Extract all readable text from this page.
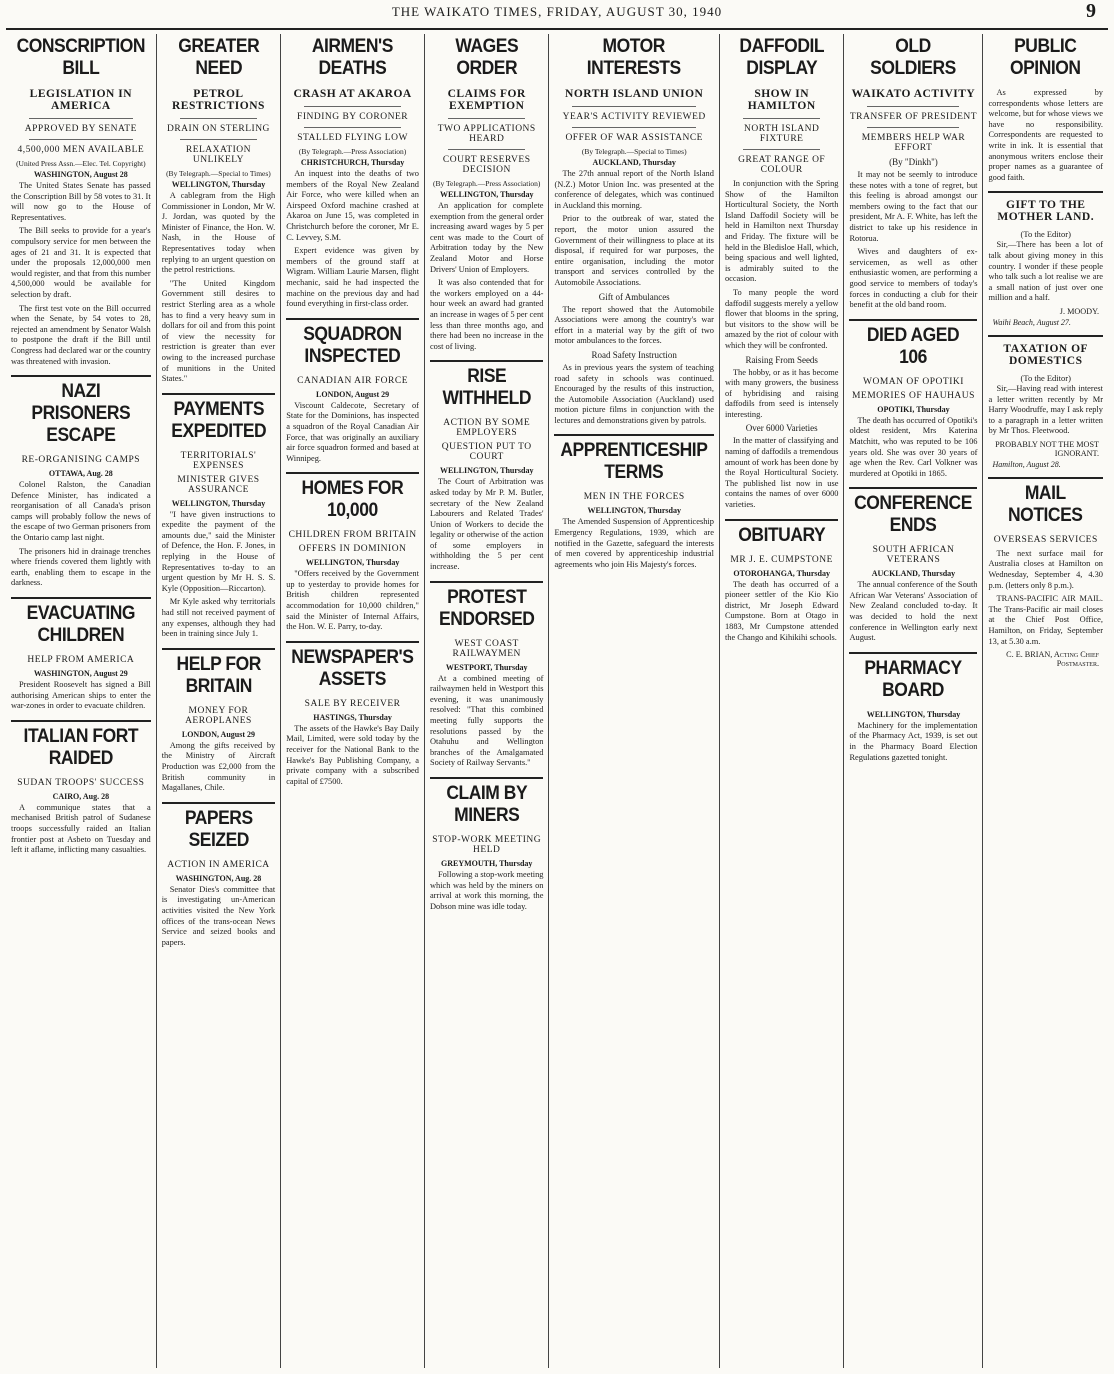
THE WAIKATO TIMES, FRIDAY, AUGUST 30, 1940	9
CONSCRIPTION BILL
LEGISLATION IN AMERICA
APPROVED BY SENATE
4,500,000 MEN AVAILABLE
(United Press Assn.—Elec. Tel. Copyright)
WASHINGTON, August 28

The United States Senate has passed the Conscription Bill by 58 votes to 31. It will now go to the House of Representatives.

The Bill seeks to provide for a year's compulsory service for men between the ages of 21 and 31. It is expected that under the proposals 12,000,000 men would register, and that from this number 4,500,000 would be available for selection by draft.

The first test vote on the Bill occurred when the Senate, by 54 votes to 28, rejected an amendment by Senator Walsh to postpone the draft if the Bill until Congress had declared war or the country was threatened with invasion.

NAZI PRISONERS ESCAPE
RE-ORGANISING CAMPS
OTTAWA, Aug. 28

Colonel Ralston, the Canadian Defence Minister, has indicated a reorganisation of all Canada's prison camps will probably follow the news of the escape of two German prisoners from the Ontario camp last night.

The prisoners hid in drainage trenches where friends covered them lightly with earth, enabling them to escape in the darkness.

EVACUATING CHILDREN
HELP FROM AMERICA
WASHINGTON, August 29

President Roosevelt has signed a Bill authorising American ships to enter the war-zones in order to evacuate children.

ITALIAN FORT RAIDED
SUDAN TROOPS' SUCCESS
CAIRO, Aug. 28

A communique states that a mechanised British patrol of Sudanese troops successfully raided an Italian frontier post at Asbeto on Tuesday and left it aflame, inflicting many casualties.

GREATER NEED
PETROL RESTRICTIONS
DRAIN ON STERLING
RELAXATION UNLIKELY
(By Telegraph.—Special to Times)
WELLINGTON, Thursday

A cablegram from the High Commissioner in London, Mr W. J. Jordan, was quoted by the Minister of Finance, the Hon. W. Nash, in the House of Representatives today when replying to an urgent question on the petrol restrictions.

"The United Kingdom Government still desires to restrict Sterling area as a whole has to find a very heavy sum in dollars for oil and from this point of view the necessity for restriction is greater than ever owing to the increased purchase of munitions in the United States."

PAYMENTS EXPEDITED
TERRITORIALS' EXPENSES
MINISTER GIVES ASSURANCE
WELLINGTON, Thursday

"I have given instructions to expedite the payment of the amounts due," said the Minister of Defence, the Hon. F. Jones, in replying in the House of Representatives to-day to an urgent question by Mr H. S. S. Kyle (Opposition—Riccarton).

Mr Kyle asked why territorials had still not received payment of any expenses, although they had been in training since July 1.

HELP FOR BRITAIN
MONEY FOR AEROPLANES
LONDON, August 29

Among the gifts received by the Ministry of Aircraft Production was £2,000 from the British community in Magallanes, Chile.

PAPERS SEIZED
ACTION IN AMERICA
WASHINGTON, Aug. 28

Senator Dies's committee that is investigating un-American activities visited the New York offices of the trans-ocean News Service and seized books and papers.

AIRMEN'S DEATHS
CRASH AT AKAROA
FINDING BY CORONER
STALLED FLYING LOW
(By Telegraph.—Press Association)
CHRISTCHURCH, Thursday

An inquest into the deaths of two members of the Royal New Zealand Air Force, who were killed when an Airspeed Oxford machine crashed at Akaroa on June 15, was completed in Christchurch before the coroner, Mr E. C. Levvey, S.M.

Expert evidence was given by members of the ground staff at Wigram. William Laurie Marsen, flight mechanic, said he had inspected the machine on the previous day and had found everything in first-class order.

SQUADRON INSPECTED
CANADIAN AIR FORCE
LONDON, August 29

Viscount Caldecote, Secretary of State for the Dominions, has inspected a squadron of the Royal Canadian Air Force, that was originally an auxiliary air force squadron formed and based at Winnipeg.

HOMES FOR 10,000
CHILDREN FROM BRITAIN
OFFERS IN DOMINION
WELLINGTON, Thursday

"Offers received by the Government up to yesterday to provide homes for British children represented accommodation for 10,000 children," said the Minister of Internal Affairs, the Hon. W. E. Parry, to-day.

NEWSPAPER'S ASSETS
SALE BY RECEIVER
HASTINGS, Thursday

The assets of the Hawke's Bay Daily Mail, Limited, were sold today by the receiver for the National Bank to the Hawke's Bay Publishing Company, a private company with a subscribed capital of £7500.

WAGES ORDER
CLAIMS FOR EXEMPTION
TWO APPLICATIONS HEARD
COURT RESERVES DECISION
(By Telegraph.—Press Association)
WELLINGTON, Thursday

An application for complete exemption from the general order increasing award wages by 5 per cent was made to the Court of Arbitration today by the New Zealand Motor and Horse Drivers' Union of Employers.

It was also contended that for the workers employed on a 44-hour week an award had granted an increase in wages of 5 per cent less than three months ago, and there had been no increase in the cost of living.

RISE WITHHELD
ACTION BY SOME EMPLOYERS
QUESTION PUT TO COURT
WELLINGTON, Thursday

The Court of Arbitration was asked today by Mr P. M. Butler, secretary of the New Zealand Labourers and Related Trades' Union of Workers to decide the legality or otherwise of the action of some employers in withholding the 5 per cent increase.

PROTEST ENDORSED
WEST COAST RAILWAYMEN
WESTPORT, Thursday

At a combined meeting of railwaymen held in Westport this evening, it was unanimously resolved: "That this combined meeting fully supports the resolutions passed by the Otahuhu and Wellington branches of the Amalgamated Society of Railway Servants."

CLAIM BY MINERS
STOP-WORK MEETING HELD
GREYMOUTH, Thursday

Following a stop-work meeting which was held by the miners on arrival at work this morning, the Dobson mine was idle today.

MOTOR INTERESTS
NORTH ISLAND UNION
YEAR'S ACTIVITY REVIEWED
OFFER OF WAR ASSISTANCE
(By Telegraph.—Special to Times)
AUCKLAND, Thursday

The 27th annual report of the North Island (N.Z.) Motor Union Inc. was presented at the conference of delegates, which was continued in Auckland this morning.

Prior to the outbreak of war, stated the report, the motor union assured the Government of their willingness to place at its disposal, if required for war purposes, the entire organisation, including the motor transport and services controlled by the Automobile Associations.

Gift of Ambulances

The report showed that the Automobile Associations were among the country's war effort in a material way by the gift of two motor ambulances to the forces.

Road Safety Instruction

As in previous years the system of teaching road safety in schools was continued. Encouraged by the results of this instruction, the Automobile Association (Auckland) used motion picture films in conjunction with the lectures and demonstrations given by patrols.

APPRENTICESHIP TERMS
MEN IN THE FORCES
WELLINGTON, Thursday

The Amended Suspension of Apprenticeship Emergency Regulations, 1939, which are notified in the Gazette, safeguard the interests of men covered by apprenticeship industrial agreements who join His Majesty's forces.

DAFFODIL DISPLAY
SHOW IN HAMILTON
NORTH ISLAND FIXTURE
GREAT RANGE OF COLOUR

In conjunction with the Spring Show of the Hamilton Horticultural Society, the North Island Daffodil Society will be held in Hamilton next Thursday and Friday. The fixture will be held in the Bledisloe Hall, which, being spacious and well lighted, is admirably suited to the occasion.

To many people the word daffodil suggests merely a yellow flower that blooms in the spring, but visitors to the show will be amazed by the riot of colour with which they will be confronted.

Raising From Seeds

The hobby, or as it has become with many growers, the business of hybridising and raising daffodils from seed is intensely interesting.

Over 6000 Varieties

In the matter of classifying and naming of daffodils a tremendous amount of work has been done by the Royal Horticultural Society. The published list now in use contains the names of over 6000 varieties.

OBITUARY
MR J. E. CUMPSTONE
OTOROHANGA, Thursday

The death has occurred of a pioneer settler of the Kio Kio district, Mr Joseph Edward Cumpstone. Born at Otago in 1883, Mr Cumpstone attended the Chango and Kihikihi schools.

OLD SOLDIERS
WAIKATO ACTIVITY
TRANSFER OF PRESIDENT
MEMBERS HELP WAR EFFORT
(By "Dinkh")

It may not be seemly to introduce these notes with a tone of regret, but this feeling is abroad amongst our members owing to the fact that our president, Mr A. F. White, has left the district to take up his residence in Rotorua.

Wives and daughters of ex-servicemen, as well as other enthusiastic women, are performing a good service to members of today's forces in conducting a club for their benefit at the old band room.

DIED AGED 106
WOMAN OF OPOTIKI
MEMORIES OF HAUHAUS
OPOTIKI, Thursday

The death has occurred of Opotiki's oldest resident, Mrs Katerina Matchitt, who was reputed to be 106 years old. She was over 30 years of age when the Rev. Carl Volkner was murdered at Opotiki in 1865.

CONFERENCE ENDS
SOUTH AFRICAN VETERANS
AUCKLAND, Thursday

The annual conference of the South African War Veterans' Association of New Zealand concluded to-day. It was decided to hold the next conference in Wellington early next August.

PHARMACY BOARD
WELLINGTON, Thursday

Machinery for the implementation of the Pharmacy Act, 1939, is set out in the Pharmacy Board Election Regulations gazetted tonight.

PUBLIC OPINION

As expressed by correspondents whose letters are welcome, but for whose views we have no responsibility. Correspondents are requested to write in ink. It is essential that anonymous writers enclose their proper names as a guarantee of good faith.

GIFT TO THE MOTHER LAND.
(To the Editor)

Sir,—There has been a lot of talk about giving money in this country. I wonder if these people who talk such a lot realise we are a small nation of just over one million and a half.

J. MOODY.
Waihi Beach, August 27.
TAXATION OF DOMESTICS
(To the Editor)

Sir,—Having read with interest a letter written recently by Mr Harry Woodruffe, may I ask reply to a paragraph in a letter written by Mr Thos. Fleetwood.

PROBABLY NOT THE MOST IGNORANT.
Hamilton, August 28.
MAIL NOTICES
OVERSEAS SERVICES

The next surface mail for Australia closes at Hamilton on Wednesday, September 4, 4.30 p.m. (letters only 8 p.m.).

TRANS-PACIFIC AIR MAIL. The Trans-Pacific air mail closes at the Chief Post Office, Hamilton, on Friday, September 13, at 5.30 a.m.

C. E. BRIAN, Acting Chief Postmaster.
